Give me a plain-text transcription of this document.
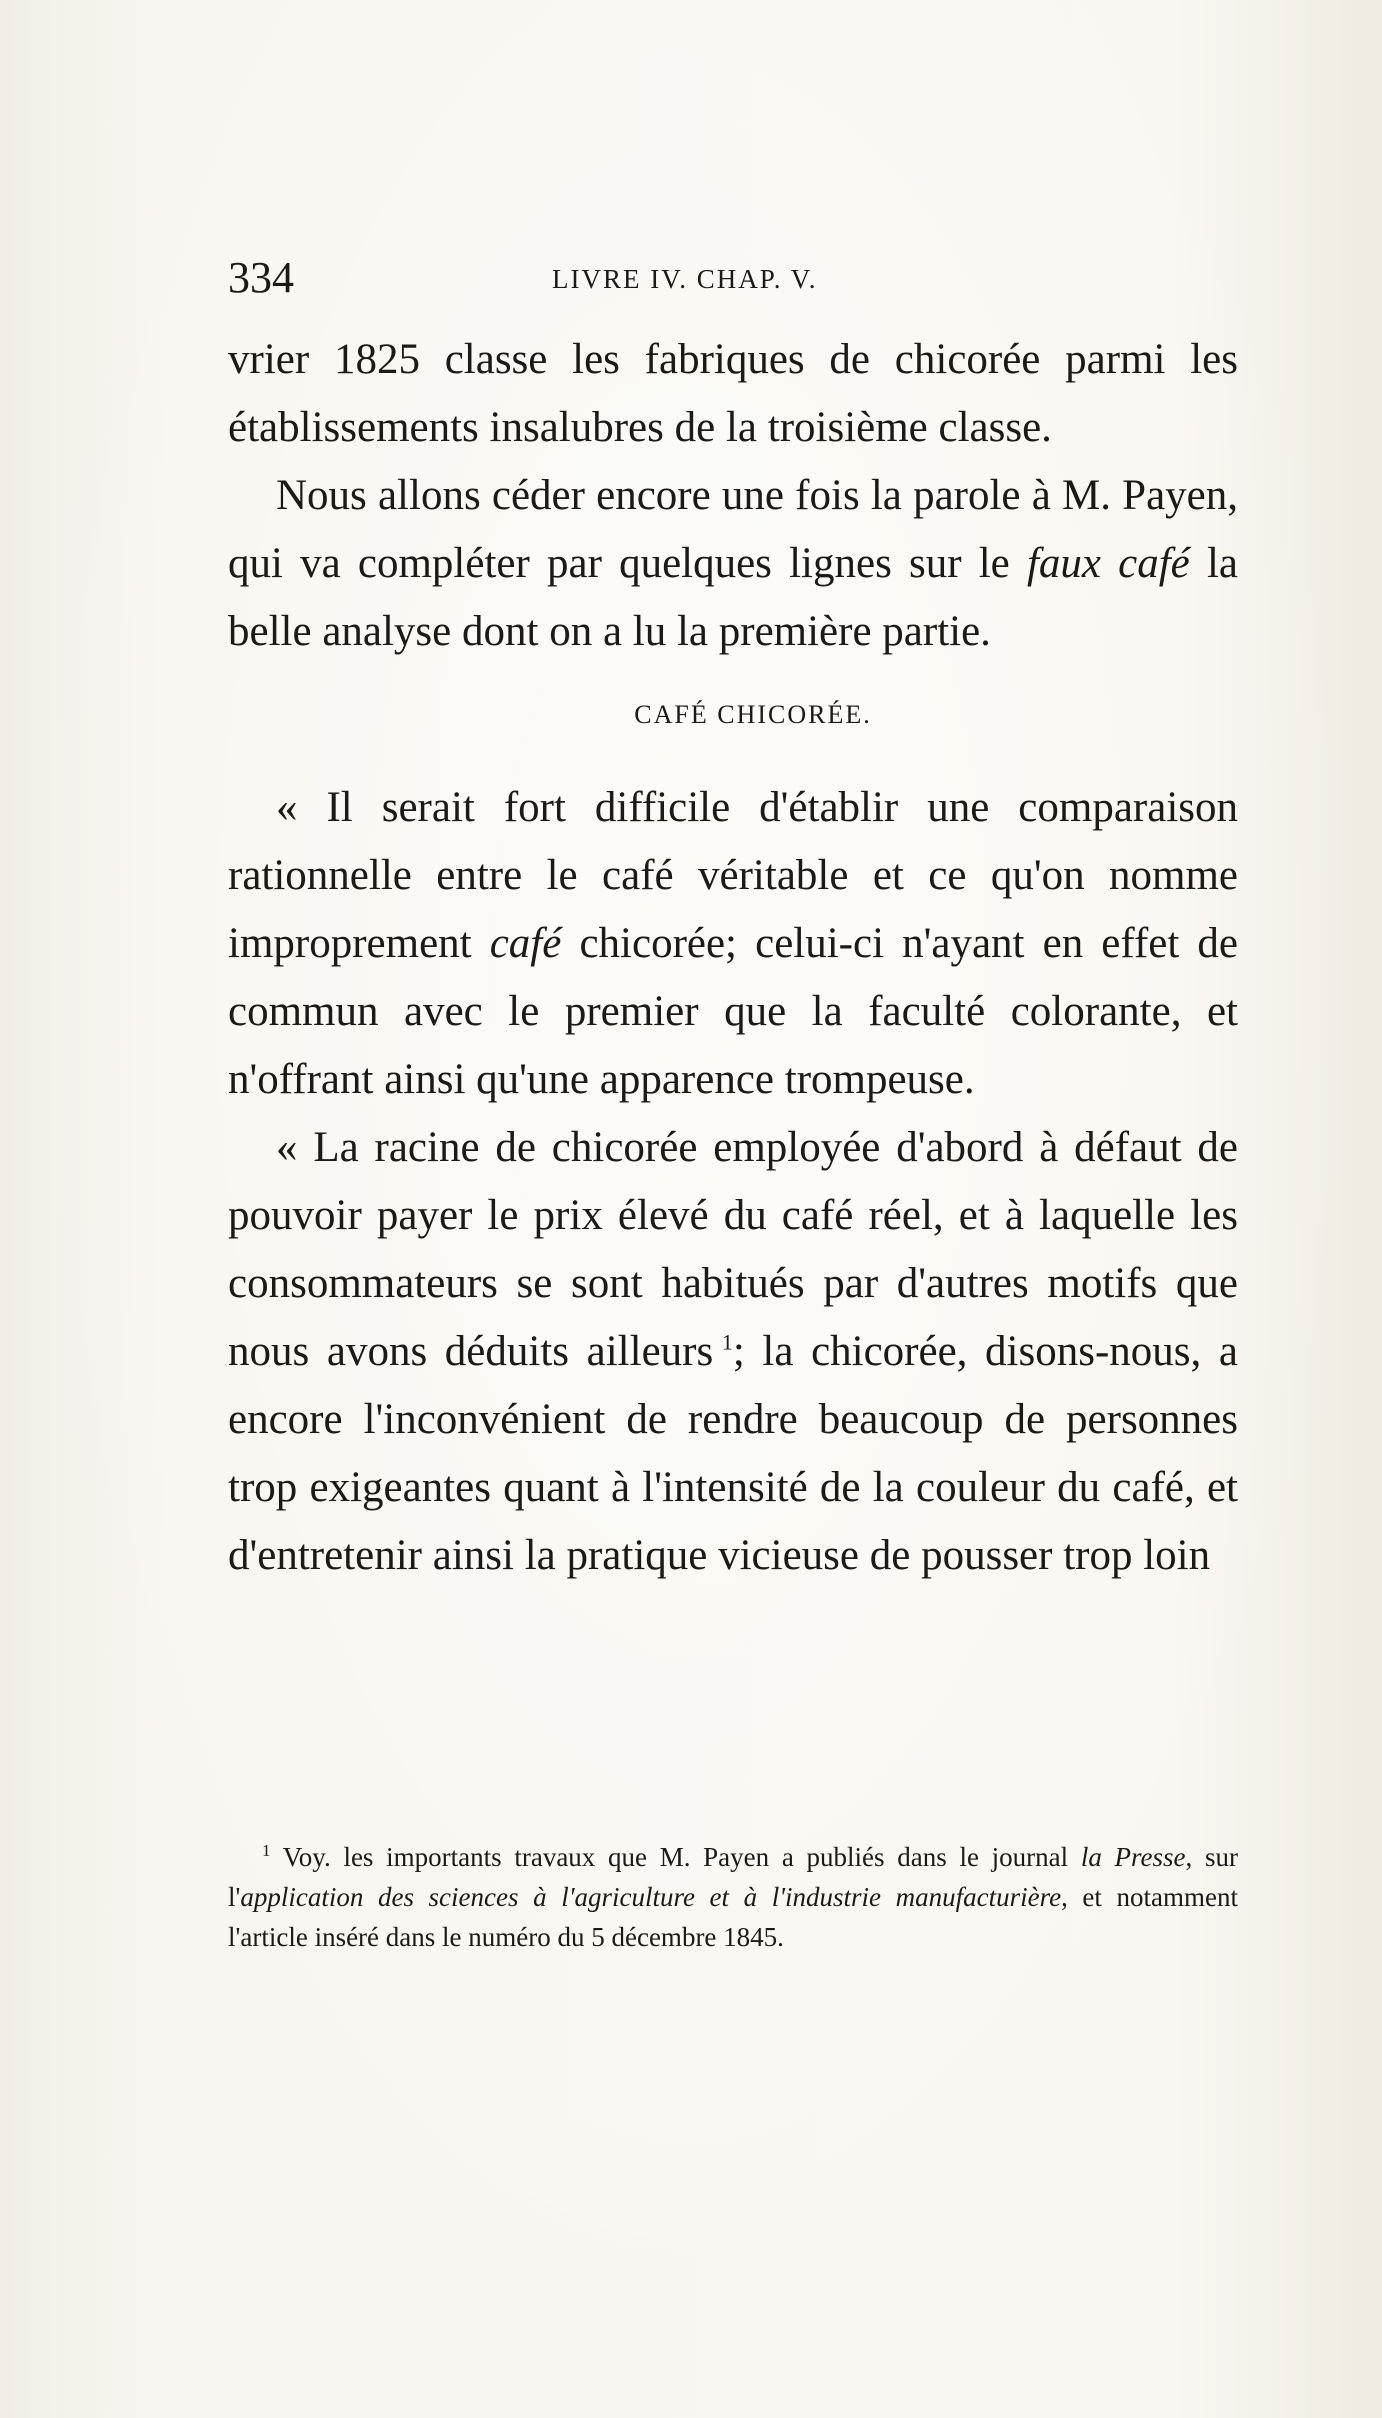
334	LIVRE IV. CHAP. V.

vrier 1825 classe les fabriques de chicorée parmi les établissements insalubres de la troisième classe.

Nous allons céder encore une fois la parole à M. Payen, qui va compléter par quelques lignes sur le faux café la belle analyse dont on a lu la première partie.

CAFÉ CHICORÉE.

« Il serait fort difficile d'établir une comparaison rationnelle entre le café véritable et ce qu'on nomme improprement café chicorée; celui-ci n'ayant en effet de commun avec le premier que la faculté colorante, et n'offrant ainsi qu'une apparence trompeuse.

« La racine de chicorée employée d'abord à défaut de pouvoir payer le prix élevé du café réel, et à laquelle les consommateurs se sont habitués par d'autres motifs que nous avons déduits ailleurs  $^1$; la chicorée, disons-nous, a encore l'inconvénient de rendre beaucoup de personnes trop exigeantes quant à l'intensité de la couleur du café, et d'entretenir ainsi la pratique vicieuse de pousser trop loin

$^1$ Voy. les importants travaux que M. Payen a publiés dans le journal la Presse, sur l'application des sciences à l'agriculture et à l'industrie manufacturière, et notamment l'article inséré dans le numéro du 5 décembre 1845.
